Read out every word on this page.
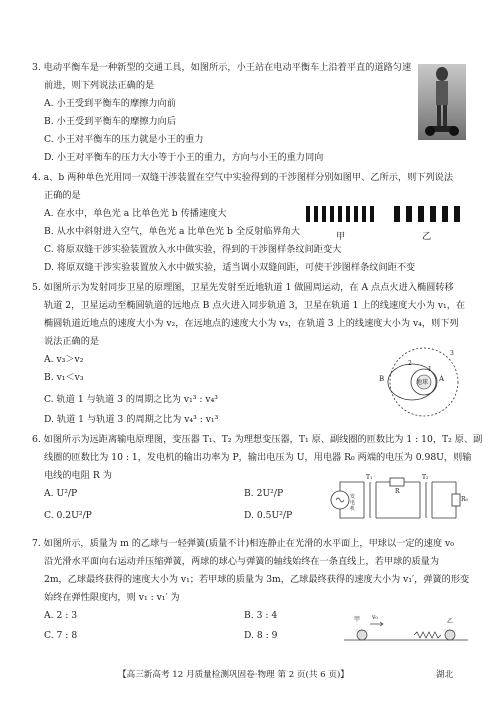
3. 电动平衡车是一种新型的交通工具，如图所示，小王站在电动平衡车上沿着平直的道路匀速
前进，则下列说法正确的是
A. 小王受到平衡车的摩擦力向前
B. 小王受到平衡车的摩擦力向后
C. 小王对平衡车的压力就是小王的重力
D. 小王对平衡车的压力大小等于小王的重力，方向与小王的重力同向
4. a、b 两种单色光用同一双缝干涉装置在空气中实验得到的干涉图样分别如图甲、乙所示，则下列说法
正确的是
A. 在水中，单色光 a 比单色光 b 传播速度大
B. 从水中斜射进入空气，单色光 a 比单色光 b 全反射临界角大
C. 将原双缝干涉实验装置放入水中做实验，得到的干涉图样条纹间距变大
D. 将原双缝干涉实验装置放入水中做实验，适当调小双缝间距，可使干涉图样条纹间距不变
甲	乙
5. 如图所示为发射同步卫星的原理图，卫星先发射至近地轨道 1 做圆周运动，在 A 点点火进入椭圆转移
轨道 2，卫星运动至椭圆轨道的远地点 B 点火进入同步轨道 3，卫星在轨道 1 上的线速度大小为 v₁，在
椭圆轨道近地点的速度大小为 v₂，在远地点的速度大小为 v₃，在轨道 3 上的线速度大小为 v₄，则下列
说法正确的是
A. v₃＞v₂
B. v₁＜v₃
C. 轨道 1 与轨道 3 的周期之比为 v₁³ : v₄³
D. 轨道 1 与轨道 3 的周期之比为 v₄³ : v₁³
地球
B	A
1
2
3
6. 如图所示为远距离输电原理图，变压器 T₁、T₂ 为理想变压器，T₁ 原、副线圈的匝数比为 1 : 10，T₂ 原、副
线圈的匝数比为 10 : 1，发电机的输出功率为 P，输出电压为 U，用电器 R₀ 两端的电压为 0.98U，则输
电线的电阻 R 为
A. U²/P	B. 2U²/P
C. 0.2U²/P	D. 0.5U²/P
T₁	T₂
R
R₀
发电机
7. 如图所示，质量为 m 的乙球与一轻弹簧(质量不计)相连静止在光滑的水平面上，甲球以一定的速度 v₀
沿光滑水平面向右运动并压缩弹簧，两球的球心与弹簧的轴线始终在一条直线上，若甲球的质量为
2m，乙球最终获得的速度大小为 v₁；若甲球的质量为 3m，乙球最终获得的速度大小为 v₁′，弹簧的形变
始终在弹性限度内，则 v₁ : v₁′ 为
A. 2 : 3	B. 3 : 4
C. 7 : 8	D. 8 : 9
甲 v₀
乙
【高三新高考 12 月质量检测巩固卷·物理 第 2 页(共 6 页)】	湖北
